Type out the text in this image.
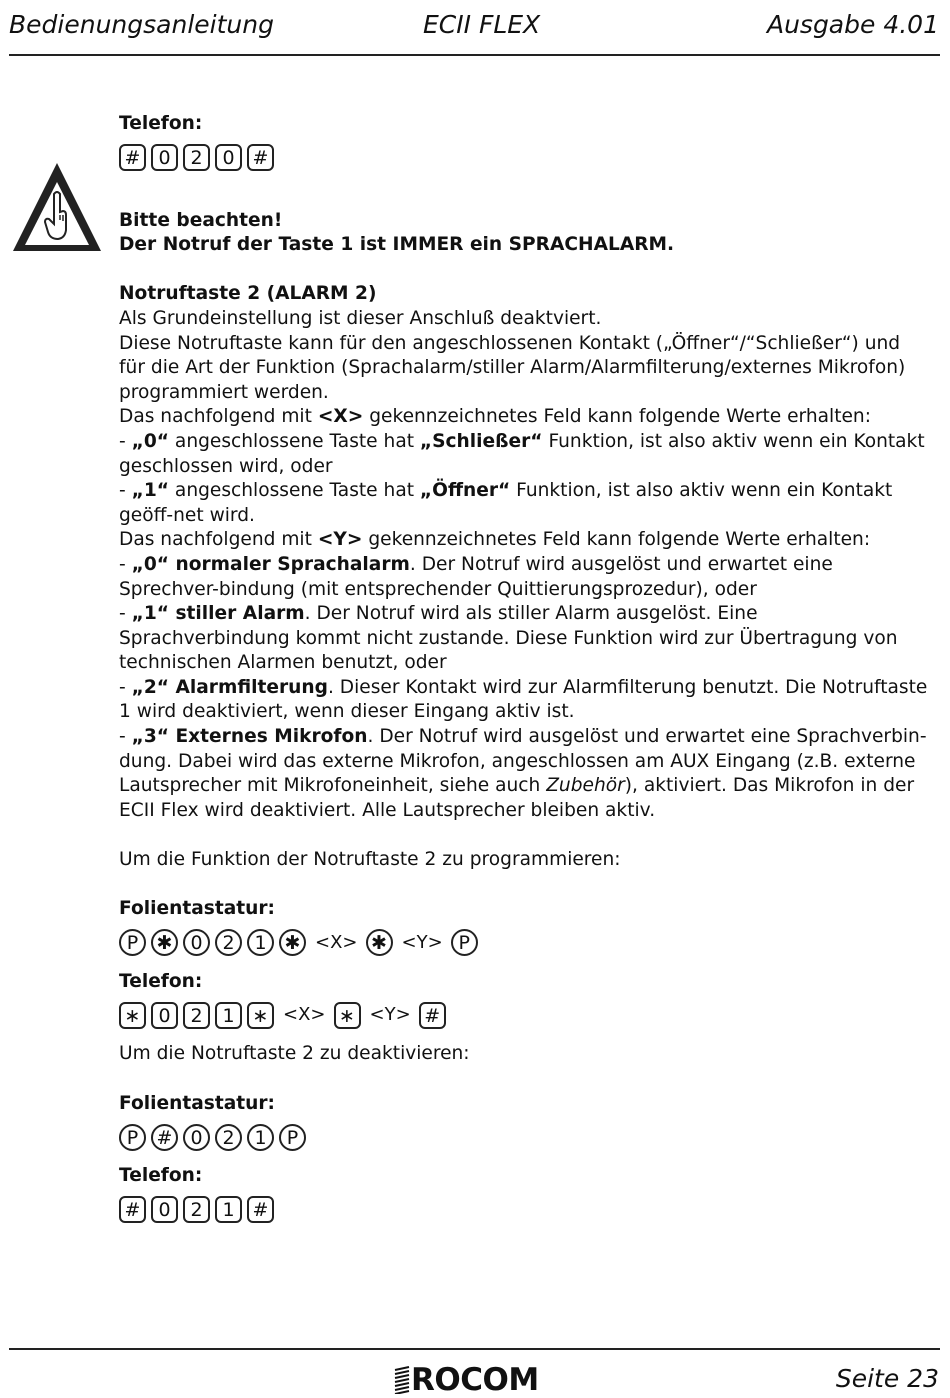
Bedienungsanleitung	ECII FLEX	Ausgabe 4.01

Telefon:

# 0	2	0 #

Bitte beachten!

Der Notruf der Taste 1 ist IMMER ein SPRACHALARM.

Notruftaste 2 (ALARM 2)

Als Grundeinstellung ist dieser Anschluß deaktviert.

Diese Notruftaste kann für den angeschlossenen Kontakt („Öffner“/“Schließer“) und für die Art der Funktion (Sprachalarm/stiller Alarm/Alarmfilterung/externes Mikrofon) programmiert werden.

Das nachfolgend mit <X> gekennzeichnetes Feld kann folgende Werte erhalten:

- „0“ angeschlossene Taste hat „Schließer“ Funktion, ist also aktiv wenn ein Kontakt geschlossen wird, oder

- „1“ angeschlossene Taste hat „Öffner“ Funktion, ist also aktiv wenn ein Kontakt geöff-net wird.

Das nachfolgend mit <Y> gekennzeichnetes Feld kann folgende Werte erhalten:

- „0“ normaler Sprachalarm. Der Notruf wird ausgelöst und erwartet eine Sprechver-bindung (mit entsprechender Quittierungsprozedur), oder

- „1“ stiller Alarm. Der Notruf wird als stiller Alarm ausgelöst. Eine Sprachverbindung kommt nicht zustande. Diese Funktion wird zur Übertragung von technischen Alarmen benutzt, oder

- „2“ Alarmfilterung. Dieser Kontakt wird zur Alarmfilterung benutzt. Die Notruftaste 1 wird deaktiviert, wenn dieser Eingang aktiv ist.

- „3“ Externes Mikrofon. Der Notruf wird ausgelöst und erwartet eine Sprachverbin-dung. Dabei wird das externe Mikrofon, angeschlossen am AUX Eingang (z.B. externe Lautsprecher mit Mikrofoneinheit, siehe auch Zubehör), aktiviert. Das Mikrofon in der ECII Flex wird deaktiviert. Alle Lautsprecher bleiben aktiv.

Um die Funktion der Notruftaste 2 zu programmieren:

Folientastatur:

P ✱ 0	2	1 ✱ <X> ✱ <Y> P

Telefon:

∗ 0	2	1 ∗ <X> ∗ <Y> #

Um die Notruftaste 2 zu deaktivieren:

Folientastatur:

P # 0	2	1	P

Telefon:

# 0	2	1 #
ROCOM	Seite 23
